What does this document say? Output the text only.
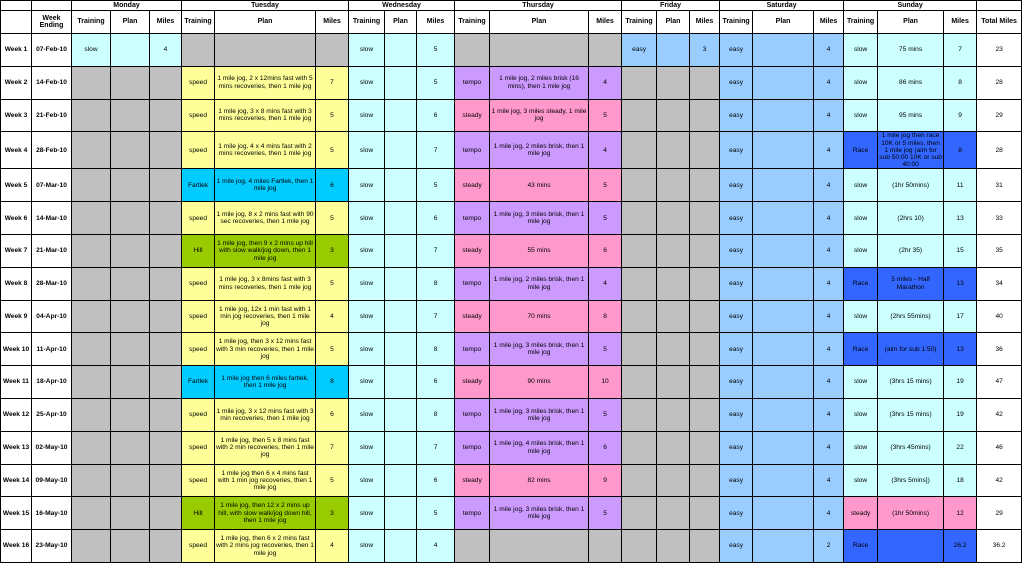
		Monday			Tuesday			Wednesday			Thursday			Friday			Saturday			Sunday			
	Week Ending	Training	Plan	Miles	Training	Plan	Miles	Training	Plan	Miles	Training	Plan	Miles	Training	Plan	Miles	Training	Plan	Miles	Training	Plan	Miles	Total Miles
Week 1	07-Feb-10	slow		4				slow		5				easy		3	easy		4	slow	75 mins	7	23
Week 2	14-Feb-10				speed	1 mile jog, 2 x 12mins fast with 5 mins recoveries, then 1 mile jog	7	slow		5	tempo	1 mile jog, 2 miles brisk (16 mins), then 1 mile jog	4				easy		4	slow	86 mins	8	28
Week 3	21-Feb-10				speed	1 mile jog, 3 x 8 mins fast with 3 mins recoveries, then 1 mile jog	5	slow		6	steady	1 mile jog, 3 miles steady, 1 mile jog	5				easy		4	slow	95 mins	9	29
Week 4	28-Feb-10				speed	1 mile jog, 4 x 4 mins fast with 2 mins recoveries, then 1 mile jog	5	slow		7	tempo	1 mile jog, 2 miles brisk, then 1 mile jog	4				easy		4	Race	1 mile jog then race 10K or 5 miles, then 1 mile jog (aim for sub 50:00 10K or sub 40:00	8	28
Week 5	07-Mar-10				Fartlek	1 mile jog, 4 miles Fartlek, then 1 mile jog	6	slow		5	steady	43 mins	5				easy		4	slow	(1hr 50mins)	11	31
Week 6	14-Mar-10				speed	1 mile jog, 8 x 2 mins fast with 90 sec recoveries, then 1 mile jog	5	slow		6	tempo	1 mile jog, 3 miles brisk, then 1 mile jog	5				easy		4	slow	(2hrs 10)	13	33
Week 7	21-Mar-10				Hill	1 mile jog, then 9 x 2 mins up hill with slow walk/jog down, then 1 mile jog	3	slow		7	steady	55 mins	6				easy		4	slow	(2hr 35)	15	35
Week 8	28-Mar-10				speed	1 mile jog, 3 x 8mins fast with 3 mins recoveries, then 1 mile jog	5	slow		8	tempo	1 mile jog, 2 miles brisk, then 1 mile jog	4				easy		4	Race	5 miles - Half Marathon	13	34
Week 9	04-Apr-10				speed	1 mile jog, 12x 1 min fast with 1 min jog recoveries, then 1 mile jog	4	slow		7	steady	70 mins	8				easy		4	slow	(2hrs 55mins)	17	40
Week 10	11-Apr-10				speed	1 mile jog, then 3 x 12 mins fast with 3 min recoveries, then 1 mile jog	5	slow		8	tempo	1 mile jog, 3 miles brisk, then 1 mile jog	5				easy		4	Race	(aim for sub 1:50)	13	36
Week 11	18-Apr-10				Fartlek	1 mile jog then 6 miles fartlek, then 1 mile jog	8	slow		6	steady	90 mins	10				easy		4	slow	(3hrs 15 mins)	19	47
Week 12	25-Apr-10				speed	1 mile jog, 3 x 12 mins fast with 3 min recoveries, then 1 mile jog	6	slow		8	tempo	1 mile jog, 3 miles brisk, then 1 mile jog	5				easy		4	slow	(3hrs 15 mins)	19	42
Week 13	02-May-10				speed	1 mile jog, then 5 x 8 mins fast with 2 min recoveries, then 1 mile jog	7	slow		7	tempo	1 mile jog, 4 miles brisk, then 1 mile jog	6				easy		4	slow	(3hrs 45mins)	22	46
Week 14	09-May-10				speed	1 mile jog then 6 x 4 mins fast with 1 min jog recoveries, then 1 mile jog	5	slow		6	steady	82 mins	9				easy		4	slow	(3hrs 5mins])	18	42
Week 15	16-May-10				Hill	1 mile jog, then 12 x 2 mins up hill, with slow walk/jog down hill, then 1 mile jog	3	slow		5	tempo	1 mile jog, 3 miles brisk, then 1 mile jog	5				easy		4	steady	(1hr 50mins)	12	29
Week 16	23-May-10				speed	1 mile jog, then 6 x 2 mins fast with 2 mins jog recoveries, then 1 mile jog	4	slow		4							easy		2	Race		26.2	36.2
